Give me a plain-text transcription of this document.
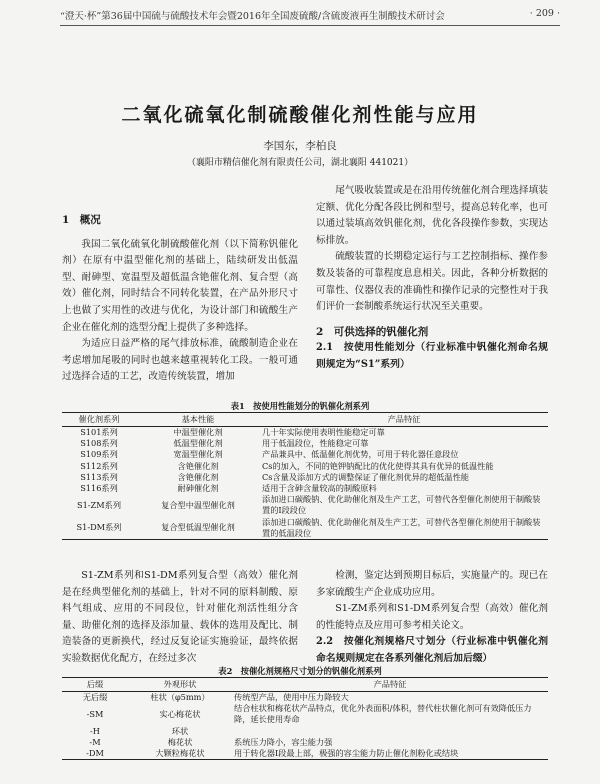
“澄天·杯”第36届中国硫与硫酸技术年会暨2016年全国废硫酸/含硫废液再生制酸技术研讨会	· 209 ·
二氧化硫氧化制硫酸催化剂性能与应用
李国东，李柏良
（襄阳市精信催化剂有限责任公司，湖北襄阳 441021）
1　概况

我国二氧化硫氧化制硫酸催化剂（以下简称钒催化剂）在原有中温型催化剂的基础上，陆续研发出低温型、耐砷型、宽温型及超低温含铯催化剂、复合型（高效）催化剂，同时结合不同转化装置，在产品外形尺寸上也做了实用性的改进与优化，为设计部门和硫酸生产企业在催化剂的选型分配上提供了多种选择。

为适应日益严格的尾气排放标准，硫酸制造企业在考虑增加尾吸的同时也越来越重视转化工段。一般可通过选择合适的工艺，改造传统装置，增加

尾气吸收装置或是在沿用传统催化剂合理选择填装定额、优化分配各段比例和型号，提高总转化率，也可以通过装填高效钒催化剂，优化各段操作参数，实现达标排放。

硫酸装置的长期稳定运行与工艺控制指标、操作参数及装备的可靠程度息息相关。因此，各种分析数据的可靠性、仪器仪表的准确性和操作记录的完整性对于我们评价一套制酸系统运行状况至关重要。

2　可供选择的钒催化剂
2.1　按使用性能划分（行业标准中钒催化剂命名规则规定为“S1”系列）
表1　按使用性能划分的钒催化剂系列
催化剂系列	基本性能	产品特征
S101系列	中温型催化剂	几十年实际使用表明性能稳定可靠
S108系列	低温型催化剂	用于低温段位，性能稳定可靠
S109系列	宽温型催化剂	产品兼具中、低温催化剂优势，可用于转化器任意段位
S112系列	含铯催化剂	Cs的加入，不同的铯钾钠配比的优化使得其具有优异的低温性能
S113系列	含铯催化剂	Cs含量及添加方式的调整保证了催化剂优异的超低温性能
S116系列	耐砷催化剂	适用于含砷含量较高的制酸原料
S1-ZM系列	复合型中温型催化剂	添加进口碳酸钠、优化助催化剂及生产工艺，可替代各型催化剂使用于制酸装置的Ⅰ段段位
S1-DM系列	复合型低温型催化剂	添加进口碳酸钠、优化助催化剂及生产工艺，可替代各型催化剂使用于制酸装置的低温段位

S1-ZM系列和S1-DM系列复合型（高效）催化剂是在经典型催化剂的基础上，针对不同的原料制酸、原料气组成、应用的不同段位，针对催化剂活性组分含量、助催化剂的选择及添加量、载体的选用及配比、制造装备的更新换代，经过反复论证实施验证，最终依据实验数据优化配方，在经过多次

检测，鉴定达到预期目标后，实施量产的。现已在多家硫酸生产企业成功应用。

S1-ZM系列和S1-DM系列复合型（高效）催化剂的性能特点及应用可参考相关论文。

2.2　按催化剂规格尺寸划分（行业标准中钒催化剂命名规则规定在各系列催化剂后加后缀）
表2　按催化剂规格尺寸划分的钒催化剂系列
后缀	外观形状	产品特征
无后缀	柱状（φ5mm）	传统型产品，使用中压力降较大
-SM	实心梅花状	结合柱状和梅花状产品特点，优化外表面积/体积，替代柱状催化剂可有效降低压力降，延长使用寿命
-H	环状	
-M	梅花状	系统压力降小，容尘能力强
-DM	大颗粒梅花状	用于转化器Ⅰ段最上部，极强的容尘能力防止催化剂粉化或结块
